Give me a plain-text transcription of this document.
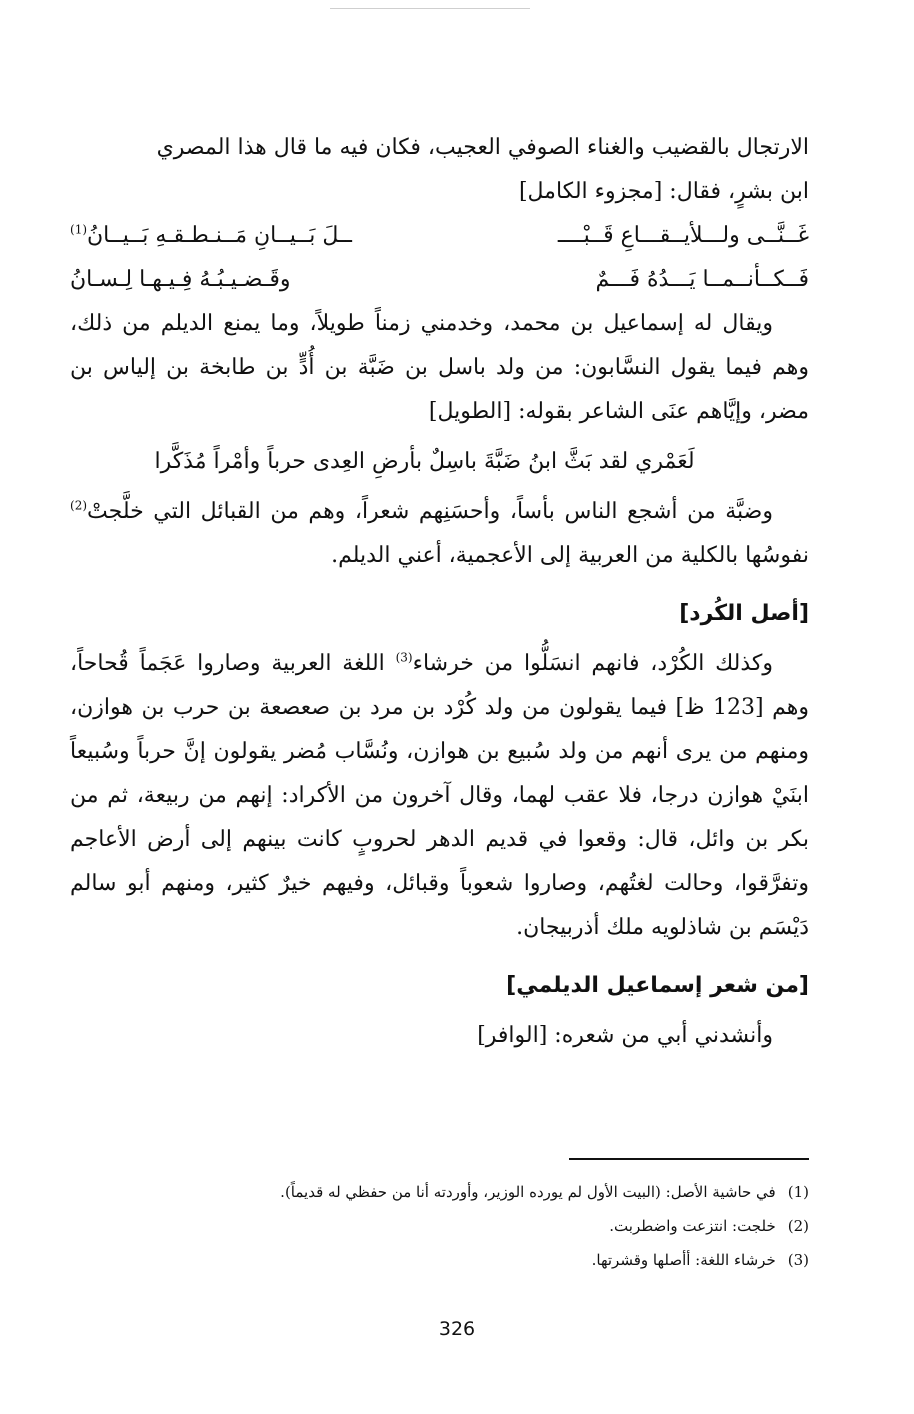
الارتجال بالقضيب والغناء الصوفي العجيب، فكان فيه ما قال هذا المصري

ابن بشرٍ، فقال: [مجزوء الكامل]

غَــنَّــى ولـــلأيــقـــاعِ قَــبْــــ
ــلَ بَــيــانِ مَــنـطـقـهِ بَــيــانُ$^{(1)}$
فَــكــأنــمــا يَـــدُهُ فَـــمٌ
وقَـضـيـبُـهُ فِـيـهـا لِـسـانُ

ويقال له إسماعيل بن محمد، وخدمني زمناً طويلاً، وما يمنع الديلم من ذلك، وهم فيما يقول النسَّابون: من ولد باسل بن ضَبَّة بن أُدٍّ بن طابخة بن إلياس بن مضر، وإيَّاهم عنَى الشاعر بقوله: [الطويل]

لَعَمْري لقد بَثَّ ابنُ ضَبَّةَ باسِلٌ بأرضِ العِدى حرباً وأمْراً مُذَكَّرا

وضبَّة من أشجع الناس بأساً، وأحسَنِهم شعراً، وهم من القبائل التي خلَّجتْ$^{(2)}$ نفوسُها بالكلية من العربية إلى الأعجمية، أعني الديلم.

[أصل الكُرد]

وكذلك الكُرْد، فانهم انسَلُّوا من خرشاء$^{(3)}$ اللغة العربية وصاروا عَجَماً قُحاحاً، وهم [123 ظ] فيما يقولون من ولد كُرْد بن مرد بن صعصعة بن حرب بن هوازن، ومنهم من يرى أنهم من ولد سُبيع بن هوازن، ونُسَّاب مُضر يقولون إنَّ حرباً وسُبيعاً ابنَيْ هوازن درجا، فلا عقب لهما، وقال آخرون من الأكراد: إنهم من ربيعة، ثم من بكر بن وائل، قال: وقعوا في قديم الدهر لحروبٍ كانت بينهم إلى أرض الأعاجم وتفرَّقوا، وحالت لغتُهم، وصاروا شعوباً وقبائل، وفيهم خيرٌ كثير، ومنهم أبو سالم دَيْسَم بن شاذلويه ملك أذربيجان.

[من شعر إسماعيل الديلمي]

وأنشدني أبي من شعره: [الوافر]

(1)في حاشية الأصل: (البيت الأول لم يورده الوزير، وأوردته أنا من حفظي له قديماً).
(2)خلجت: انتزعت واضطربت.
(3)خرشاء اللغة: أأصلها وقشرتها.
326
